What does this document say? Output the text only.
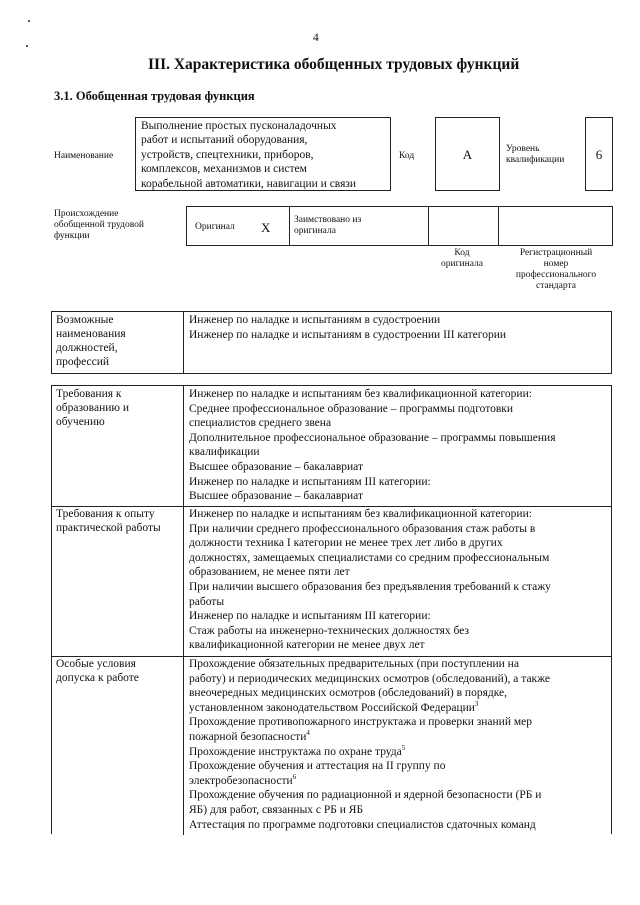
4
III. Характеристика обобщенных трудовых функций
3.1. Обобщенная трудовая функция
Наименование
Выполнение простых пусконаладочных
работ и испытаний оборудования,
устройств, спецтехники, приборов,
комплексов, механизмов и систем
корабельной автоматики, навигации и связи
Код	A	Уровень
квалификации 6
Происхождение
обобщенной трудовой
функции
Оригинал X Заимствовано из
оригинала
Код
оригинала
Регистрационный
номер
профессионального
стандарта
Возможные
наименования
должностей,
профессий
Инженер по наладке и испытаниям в судостроении
Инженер по наладке и испытаниям в судостроении III категории
Требования к
образованию и
обучению
Инженер по наладке и испытаниям без квалификационной категории:
Среднее профессиональное образование – программы подготовки
специалистов среднего звена
Дополнительное профессиональное образование – программы повышения
квалификации
Высшее образование – бакалавриат
Инженер по наладке и испытаниям III категории:
Высшее образование – бакалавриат
Требования к опыту
практической работы
Инженер по наладке и испытаниям без квалификационной категории:
При наличии среднего профессионального образования стаж работы в
должности техника I категории не менее трех лет либо в других
должностях, замещаемых специалистами со средним профессиональным
образованием, не менее пяти лет
При наличии высшего образования без предъявления требований к стажу
работы
Инженер по наладке и испытаниям III категории:
Стаж работы на инженерно-технических должностях без
квалификационной категории не менее двух лет
Особые условия
допуска к работе
Прохождение обязательных предварительных (при поступлении на
работу) и периодических медицинских осмотров (обследований), а также
внеочередных медицинских осмотров (обследований) в порядке,
установленном законодательством Российской Федерации$^3$
Прохождение противопожарного инструктажа и проверки знаний мер
пожарной безопасности$^4$
Прохождение инструктажа по охране труда$^5$
Прохождение обучения и аттестация на II группу по
электробезопасности$^6$
Прохождение обучения по радиационной и ядерной безопасности (РБ и
ЯБ) для работ, связанных с РБ и ЯБ
Аттестация по программе подготовки специалистов сдаточных команд
